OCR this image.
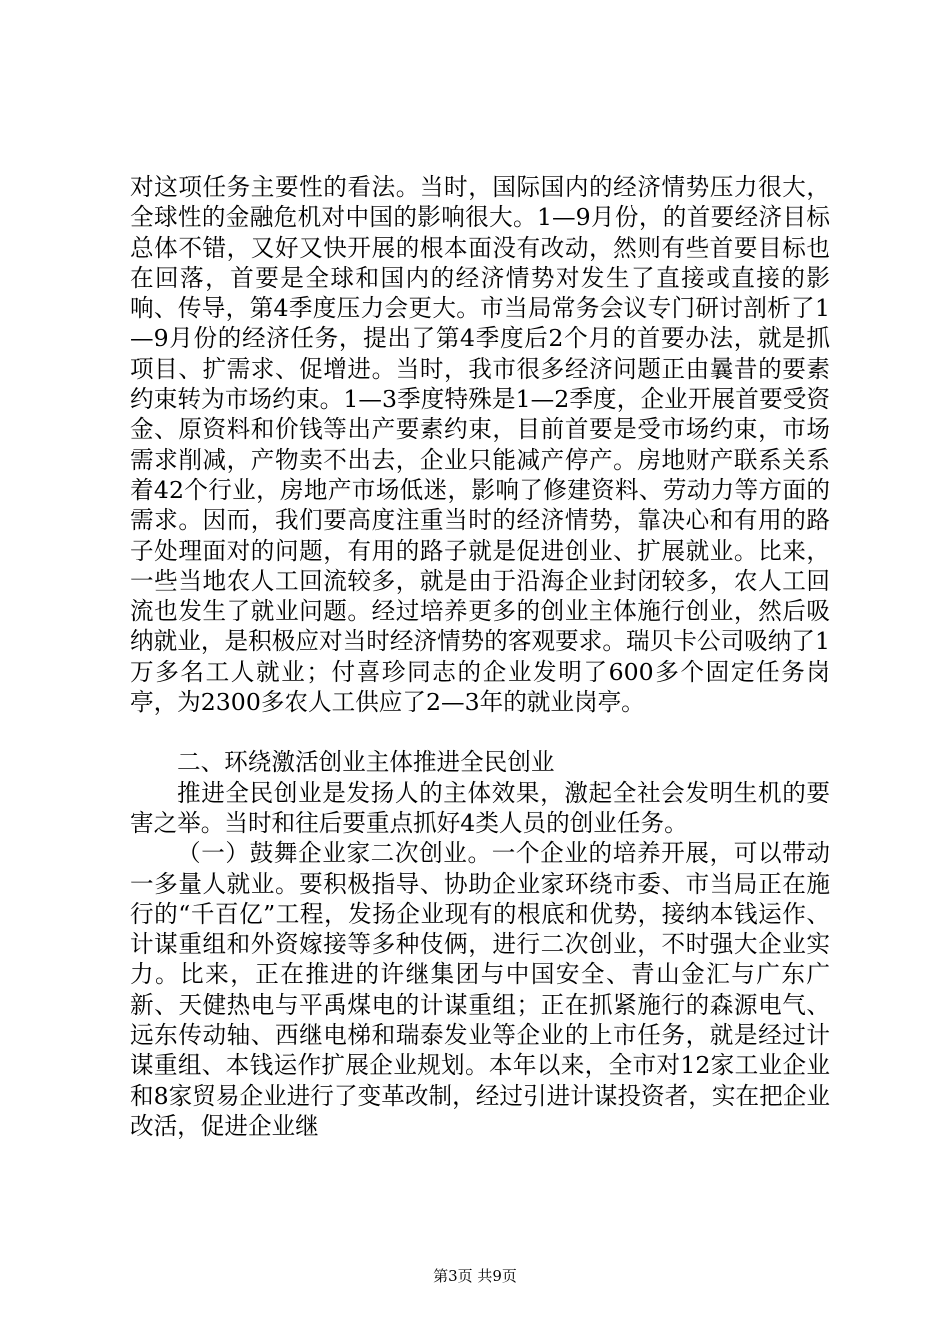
对这项任务主要性的看法。当时，国际国内的经济情势压力很大，全球性的金融危机对中国的影响很大。1—9月份，的首要经济目标总体不错，又好又快开展的根本面没有改动，然则有些首要目标也在回落，首要是全球和国内的经济情势对发生了直接或直接的影响、传导，第4季度压力会更大。市当局常务会议专门研讨剖析了1—9月份的经济任务，提出了第4季度后2个月的首要办法，就是抓项目、扩需求、促增进。当时，我市很多经济问题正由曩昔的要素约束转为市场约束。1—3季度特殊是1—2季度，企业开展首要受资金、原资料和价钱等出产要素约束，目前首要是受市场约束，市场需求削减，产物卖不出去，企业只能减产停产。房地财产联系关系着42个行业，房地产市场低迷，影响了修建资料、劳动力等方面的需求。因而，我们要高度注重当时的经济情势，靠决心和有用的路子处理面对的问题，有用的路子就是促进创业、扩展就业。比来，一些当地农人工回流较多，就是由于沿海企业封闭较多，农人工回流也发生了就业问题。经过培养更多的创业主体施行创业，然后吸纳就业，是积极应对当时经济情势的客观要求。瑞贝卡公司吸纳了1万多名工人就业；付喜珍同志的企业发明了600多个固定任务岗亭，为2300多农人工供应了2—3年的就业岗亭。

二、环绕激活创业主体推进全民创业

推进全民创业是发扬人的主体效果，激起全社会发明生机的要害之举。当时和往后要重点抓好4类人员的创业任务。

（一）鼓舞企业家二次创业。一个企业的培养开展，可以带动一多量人就业。要积极指导、协助企业家环绕市委、市当局正在施行的“千百亿”工程，发扬企业现有的根底和优势，接纳本钱运作、计谋重组和外资嫁接等多种伎俩，进行二次创业，不时强大企业实力。比来，正在推进的许继集团与中国安全、青山金汇与广东广新、天健热电与平禹煤电的计谋重组；正在抓紧施行的森源电气、远东传动轴、西继电梯和瑞泰发业等企业的上市任务，就是经过计谋重组、本钱运作扩展企业规划。本年以来，全市对12家工业企业和8家贸易企业进行了变革改制，经过引进计谋投资者，实在把企业改活，促进企业继

第3页 共9页
